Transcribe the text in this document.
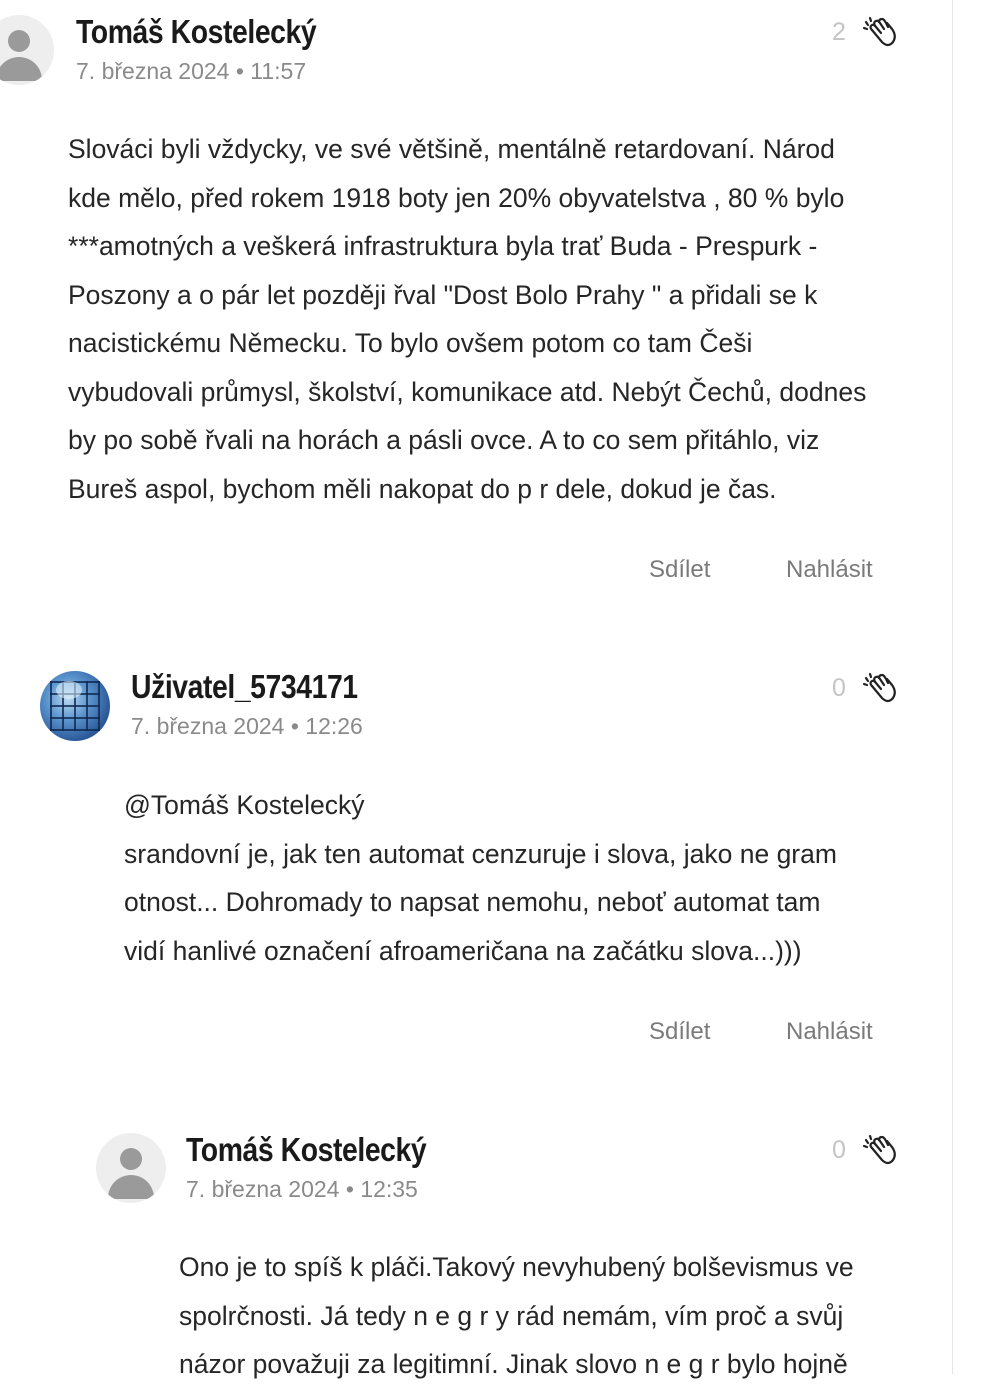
Tomáš Kostelecký
7. března 2024 • 11:57
2

Slováci byli vždycky, ve své většině, mentálně retardovaní. Národ

kde mělo, před rokem 1918 boty jen 20% obyvatelstva , 80 % bylo

***amotných a veškerá infrastruktura byla trať Buda - Prespurk -

Poszony a o pár let později řval "Dost Bolo Prahy " a přidali se k

nacistickému Německu. To bylo ovšem potom co tam Češi

vybudovali průmysl, školství, komunikace atd. Nebýt Čechů, dodnes

by po sobě řvali na horách a pásli ovce. A to co sem přitáhlo, viz

Bureš aspol, bychom měli nakopat do p r dele, dokud je čas.

Sdílet	Nahlásit
Uživatel_5734171
7. března 2024 • 12:26
0

@Tomáš Kostelecký

srandovní je, jak ten automat cenzuruje i slova, jako ne gram

otnost... Dohromady to napsat nemohu, neboť automat tam

vidí hanlivé označení afroameričana na začátku slova...)))

Sdílet	Nahlásit
Tomáš Kostelecký
7. března 2024 • 12:35
0

Ono je to spíš k pláči.Takový nevyhubený bolševismus ve

spolrčnosti. Já tedy n e g r y rád nemám, vím proč a svůj

názor považuji za legitimní. Jinak slovo n e g r bylo hojně
